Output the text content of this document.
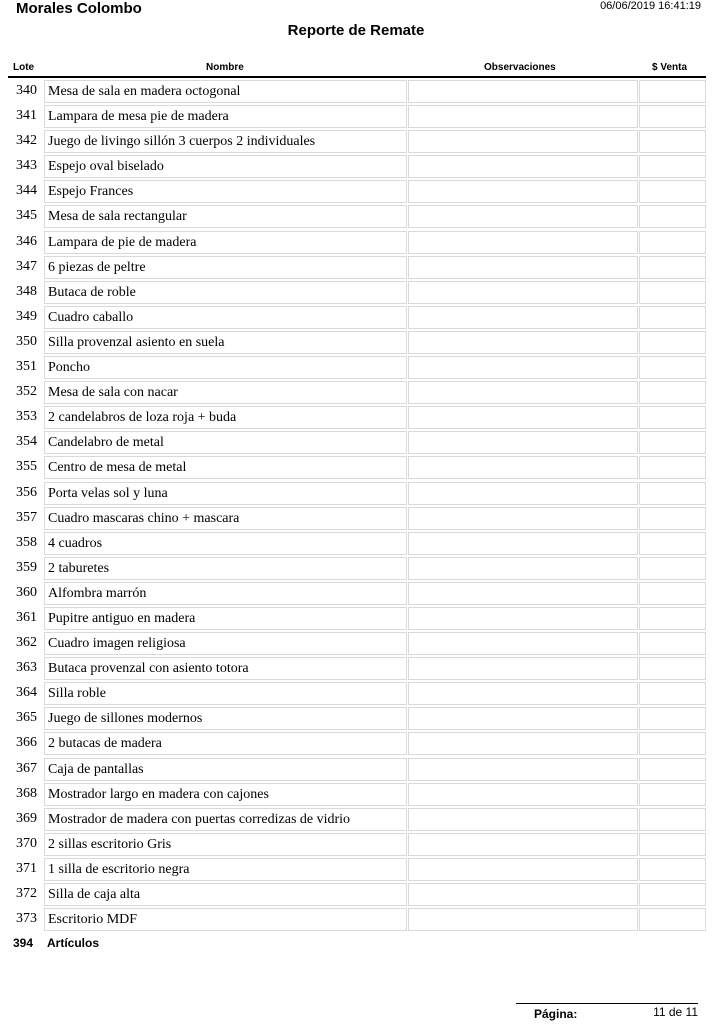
Morales Colombo	06/06/2019 16:41:19
Reporte de Remate
Lote	Nombre	Observaciones	$ Venta
340 Mesa de sala en madera octogonal
341 Lampara de mesa pie de madera
342 Juego de livingo sillón 3 cuerpos 2 individuales
343 Espejo oval biselado
344 Espejo Frances
345 Mesa de sala rectangular
346 Lampara de pie de madera
347 6 piezas de peltre
348 Butaca de roble
349 Cuadro caballo
350 Silla provenzal asiento en suela
351 Poncho
352 Mesa de sala con nacar
353 2 candelabros de loza roja + buda
354 Candelabro de metal
355 Centro de mesa de metal
356 Porta velas sol y luna
357 Cuadro mascaras chino + mascara
358 4 cuadros
359 2 taburetes
360 Alfombra marrón
361 Pupitre antiguo en madera
362 Cuadro imagen religiosa
363 Butaca provenzal con asiento totora
364 Silla roble
365 Juego de sillones modernos
366 2 butacas de madera
367 Caja de pantallas
368 Mostrador largo en madera con cajones
369 Mostrador de madera con puertas corredizas de vidrio
370 2 sillas escritorio Gris
371 1 silla de escritorio negra
372 Silla de caja alta
373 Escritorio MDF
394 Artículos
Página:	11 de 11
